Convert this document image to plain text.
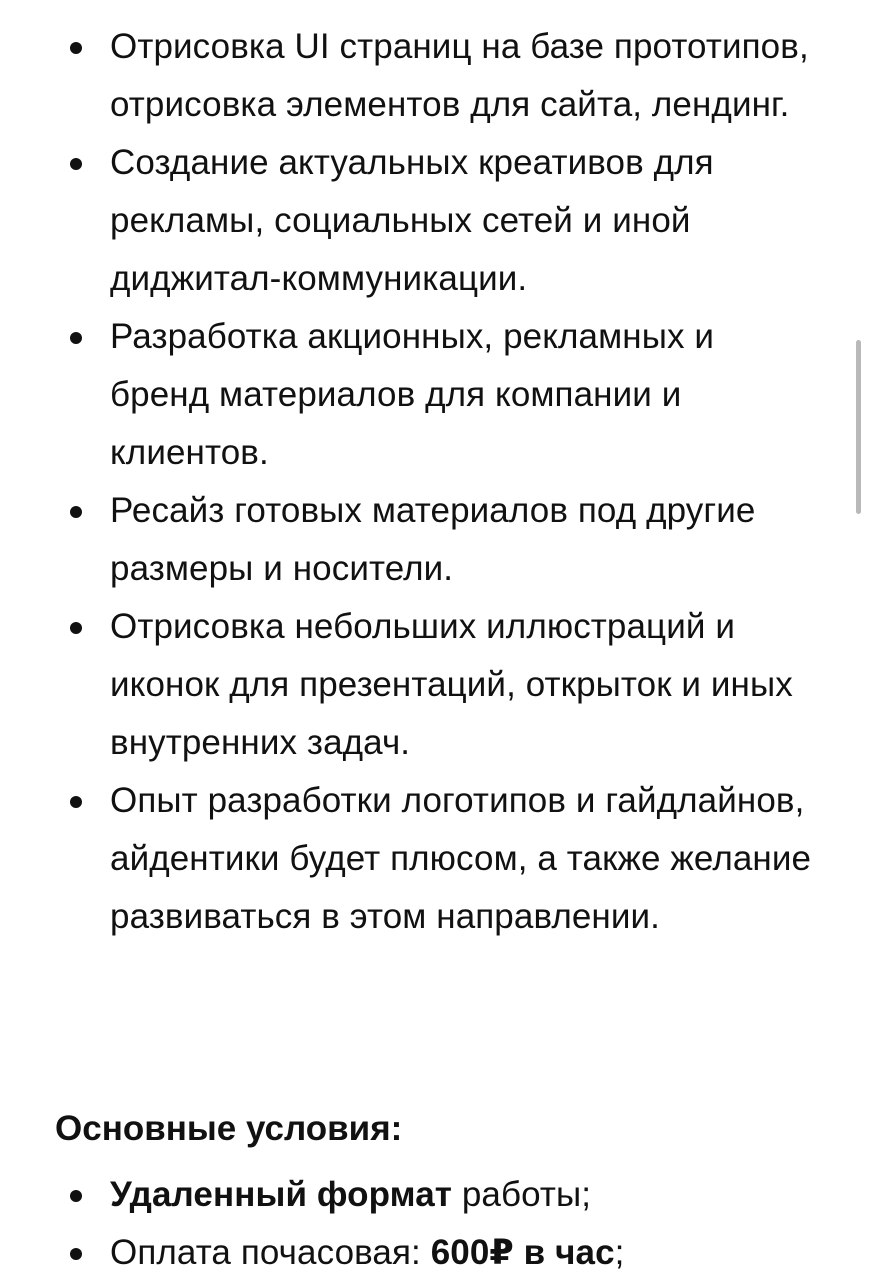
Отрисовка UI страниц на базе прототипов, отрисовка элементов для сайта, лендинг.
Создание актуальных креативов для рекламы, социальных сетей и иной диджитал-коммуникации.
Разработка акционных, рекламных и бренд материалов для компании и клиентов.
Ресайз готовых материалов под другие размеры и носители.
Отрисовка небольших иллюстраций и иконок для презентаций, открыток и иных внутренних задач.
Опыт разработки логотипов и гайдлайнов, айдентики будет плюсом, а также желание развиваться в этом направлении.
Основные условия:
Удаленный формат работы;
Оплата почасовая: 600₽ в час;
